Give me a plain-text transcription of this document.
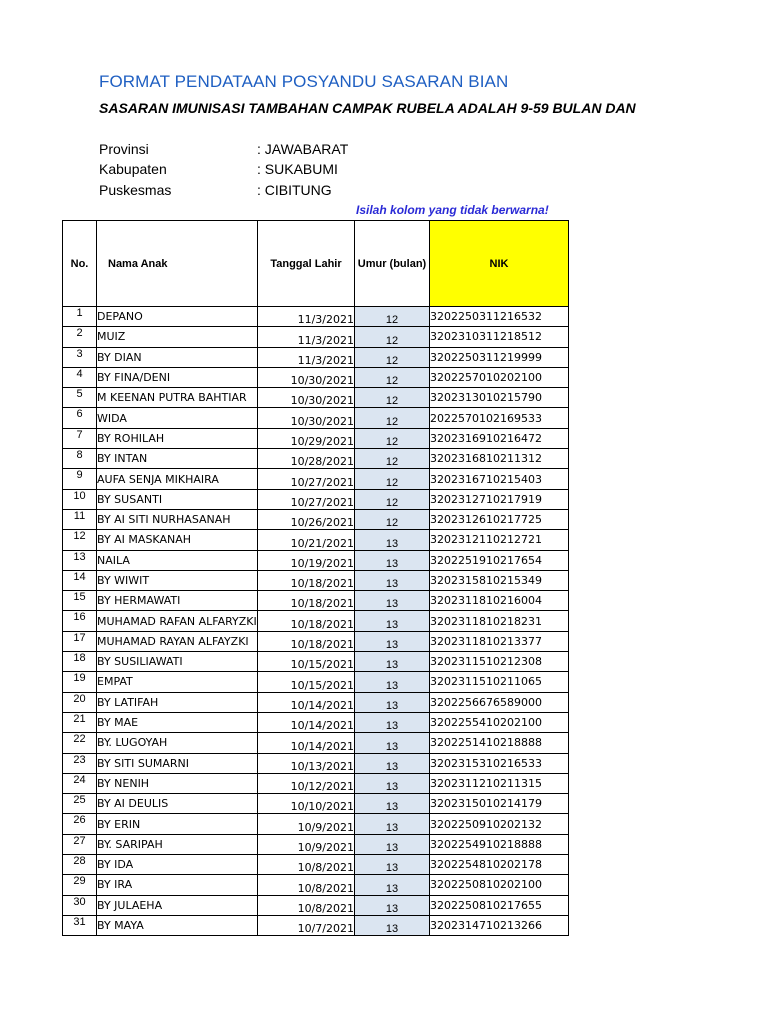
FORMAT PENDATAAN POSYANDU SASARAN BIAN
SASARAN IMUNISASI TAMBAHAN CAMPAK RUBELA ADALAH 9-59 BULAN DAN
Provinsi	: JAWABARAT
Kabupaten	: SUKABUMI
Puskesmas	: CIBITUNG
Isilah kolom yang tidak berwarna!
No.	Nama Anak	Tanggal Lahir	Umur (bulan)	NIK
1	DEPANO	11/3/2021	12	3202250311216532
2	MUIZ	11/3/2021	12	3202310311218512
3	BY DIAN	11/3/2021	12	3202250311219999
4	BY FINA/DENI	10/30/2021	12	3202257010202100
5	M KEENAN PUTRA BAHTIAR	10/30/2021	12	3202313010215790
6	WIDA	10/30/2021	12	2022570102169533
7	BY ROHILAH	10/29/2021	12	3202316910216472
8	BY INTAN	10/28/2021	12	3202316810211312
9	AUFA SENJA MIKHAIRA	10/27/2021	12	3202316710215403
10	BY SUSANTI	10/27/2021	12	3202312710217919
11	BY AI SITI NURHASANAH	10/26/2021	12	3202312610217725
12	BY AI MASKANAH	10/21/2021	13	3202312110212721
13	NAILA	10/19/2021	13	3202251910217654
14	BY WIWIT	10/18/2021	13	3202315810215349
15	BY HERMAWATI	10/18/2021	13	3202311810216004
16	MUHAMAD RAFAN ALFARYZKI	10/18/2021	13	3202311810218231
17	MUHAMAD RAYAN ALFAYZKI	10/18/2021	13	3202311810213377
18	BY SUSILIAWATI	10/15/2021	13	3202311510212308
19	EMPAT	10/15/2021	13	3202311510211065
20	BY LATIFAH	10/14/2021	13	3202256676589000
21	BY MAE	10/14/2021	13	3202255410202100
22	BY. LUGOYAH	10/14/2021	13	3202251410218888
23	BY SITI SUMARNI	10/13/2021	13	3202315310216533
24	BY NENIH	10/12/2021	13	3202311210211315
25	BY AI DEULIS	10/10/2021	13	3202315010214179
26	BY ERIN	10/9/2021	13	3202250910202132
27	BY. SARIPAH	10/9/2021	13	3202254910218888
28	BY IDA	10/8/2021	13	3202254810202178
29	BY IRA	10/8/2021	13	3202250810202100
30	BY JULAEHA	10/8/2021	13	3202250810217655
31	BY MAYA	10/7/2021	13	3202314710213266
